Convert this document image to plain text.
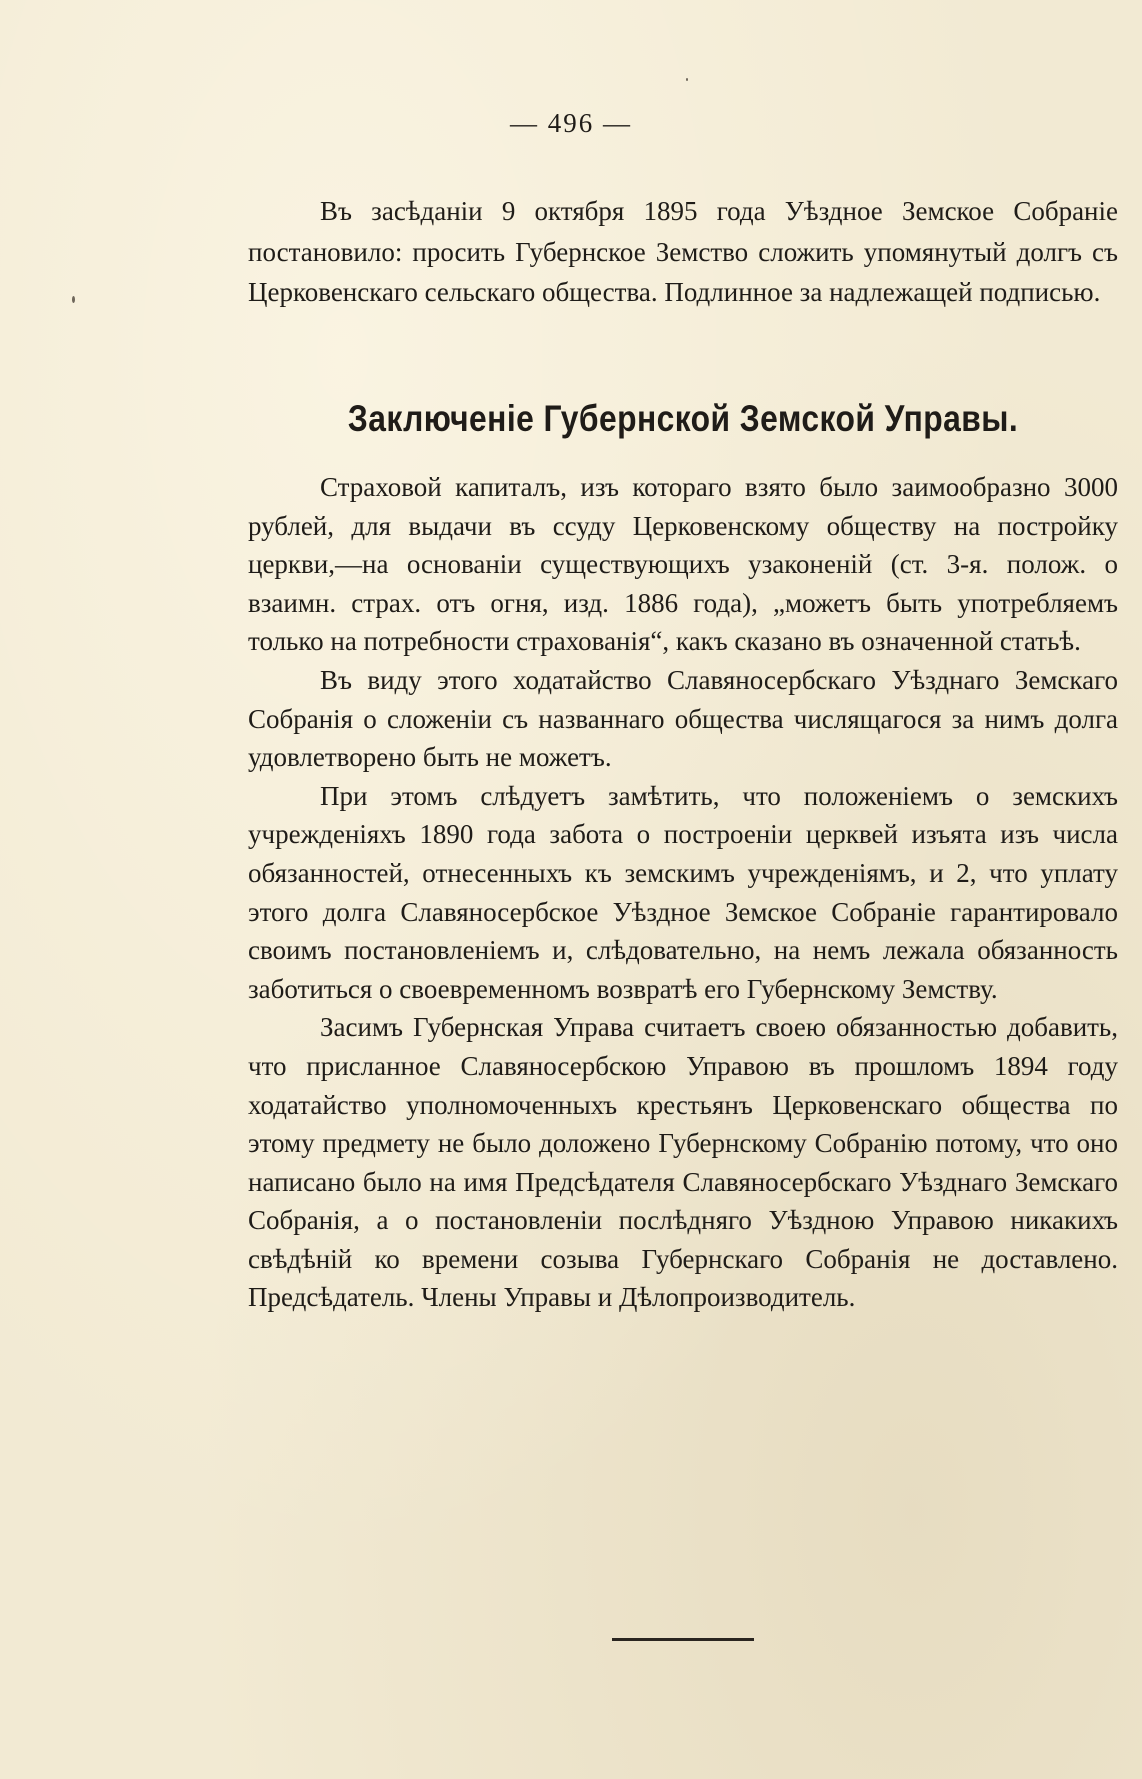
— 496 —

Въ засѣданіи 9 октября 1895 года Уѣздное Земское Собраніе постановило: просить Губернское Земство сложить упомянутый долгъ съ Церковенскаго сельскаго общества. Подлинное за надлежащей подписью.

Заключеніе Губернской Земской Управы.

Страховой капиталъ, изъ котораго взято было заимообразно 3000 рублей, для выдачи въ ссуду Церковенскому обществу на постройку церкви,—на основаніи существующихъ узаконеній (ст. 3-я. полож. о взаимн. страх. отъ огня, изд. 1886 года), „можетъ быть употребляемъ только на потребности страхованія“, какъ сказано въ означенной статьѣ.

Въ виду этого ходатайство Славяносербскаго Уѣзднаго Земскаго Собранія о сложеніи съ названнаго общества числящагося за нимъ долга удовлетворено быть не можетъ.

При этомъ слѣдуетъ замѣтить, что положеніемъ о земскихъ учрежденіяхъ 1890 года забота о построеніи церквей изъята изъ числа обязанностей, отнесенныхъ къ земскимъ учрежденіямъ, и 2, что уплату этого долга Славяносербское Уѣздное Земское Собраніе гарантировало своимъ постановленіемъ и, слѣдовательно, на немъ лежала обязанность заботиться о своевременномъ возвратѣ его Губернскому Земству.

Засимъ Губернская Управа считаетъ своею обязанностью добавить, что присланное Славяносербскою Управою въ прошломъ 1894 году ходатайство уполномоченныхъ крестьянъ Церковенскаго общества по этому предмету не было доложено Губернскому Собранію потому, что оно написано было на имя Предсѣдателя Славяносербскаго Уѣзднаго Земскаго Собранія, а о постановленіи послѣдняго Уѣздною Управою никакихъ свѣдѣній ко времени созыва Губернскаго Собранія не доставлено. Предсѣдатель. Члены Управы и Дѣлопроизводитель.
